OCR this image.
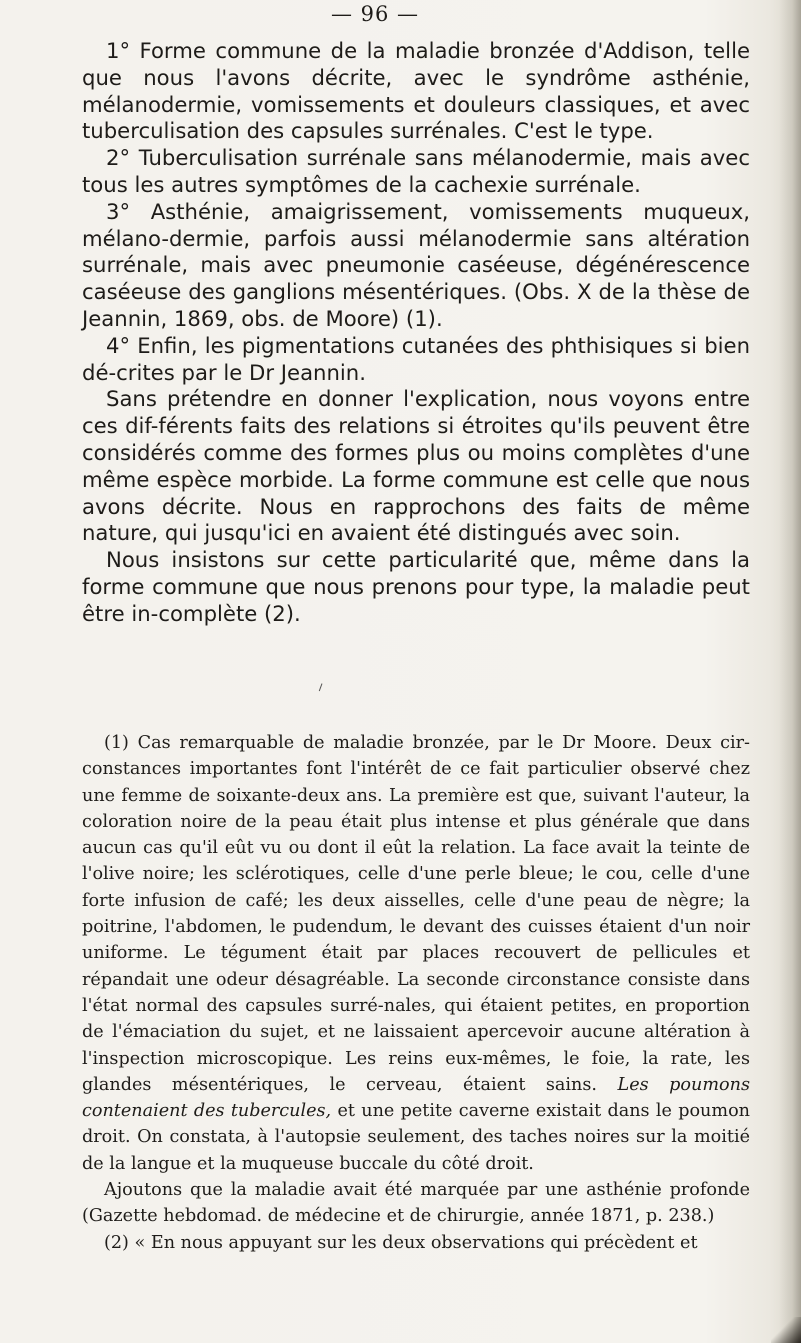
— 96 —

1° Forme commune de la maladie bronzée d'Addison, telle que nous l'avons décrite, avec le syndrôme asthénie, mélanodermie, vomissements et douleurs classiques, et avec tuberculisation des capsules surrénales. C'est le type.

2° Tuberculisation surrénale sans mélanodermie, mais avec tous les autres symptômes de la cachexie surrénale.

3° Asthénie, amaigrissement, vomissements muqueux, mélano-dermie, parfois aussi mélanodermie sans altération surrénale, mais avec pneumonie caséeuse, dégénérescence caséeuse des ganglions mésentériques. (Obs. X de la thèse de Jeannin, 1869, obs. de Moore) (1).

4° Enfin, les pigmentations cutanées des phthisiques si bien dé-crites par le Dr Jeannin.

Sans prétendre en donner l'explication, nous voyons entre ces dif-férents faits des relations si étroites qu'ils peuvent être considérés comme des formes plus ou moins complètes d'une même espèce morbide. La forme commune est celle que nous avons décrite. Nous en rapprochons des faits de même nature, qui jusqu'ici en avaient été distingués avec soin.

Nous insistons sur cette particularité que, même dans la forme commune que nous prenons pour type, la maladie peut être in-complète (2).

(1) Cas remarquable de maladie bronzée, par le Dr Moore. Deux cir-constances importantes font l'intérêt de ce fait particulier observé chez une femme de soixante-deux ans. La première est que, suivant l'auteur, la coloration noire de la peau était plus intense et plus générale que dans aucun cas qu'il eût vu ou dont il eût la relation. La face avait la teinte de l'olive noire; les sclérotiques, celle d'une perle bleue; le cou, celle d'une forte infusion de café; les deux aisselles, celle d'une peau de nègre; la poitrine, l'abdomen, le pudendum, le devant des cuisses étaient d'un noir uniforme. Le tégument était par places recouvert de pellicules et répandait une odeur désagréable. La seconde circonstance consiste dans l'état normal des capsules surré-nales, qui étaient petites, en proportion de l'émaciation du sujet, et ne laissaient apercevoir aucune altération à l'inspection microscopique. Les reins eux-mêmes, le foie, la rate, les glandes mésentériques, le cerveau, étaient sains. Les poumons contenaient des tubercules, et une petite caverne existait dans le poumon droit. On constata, à l'autopsie seulement, des taches noires sur la moitié de la langue et la muqueuse buccale du côté droit.

Ajoutons que la maladie avait été marquée par une asthénie profonde (Gazette hebdomad. de médecine et de chirurgie, année 1871, p. 238.)

(2) « En nous appuyant sur les deux observations qui précèdent et
